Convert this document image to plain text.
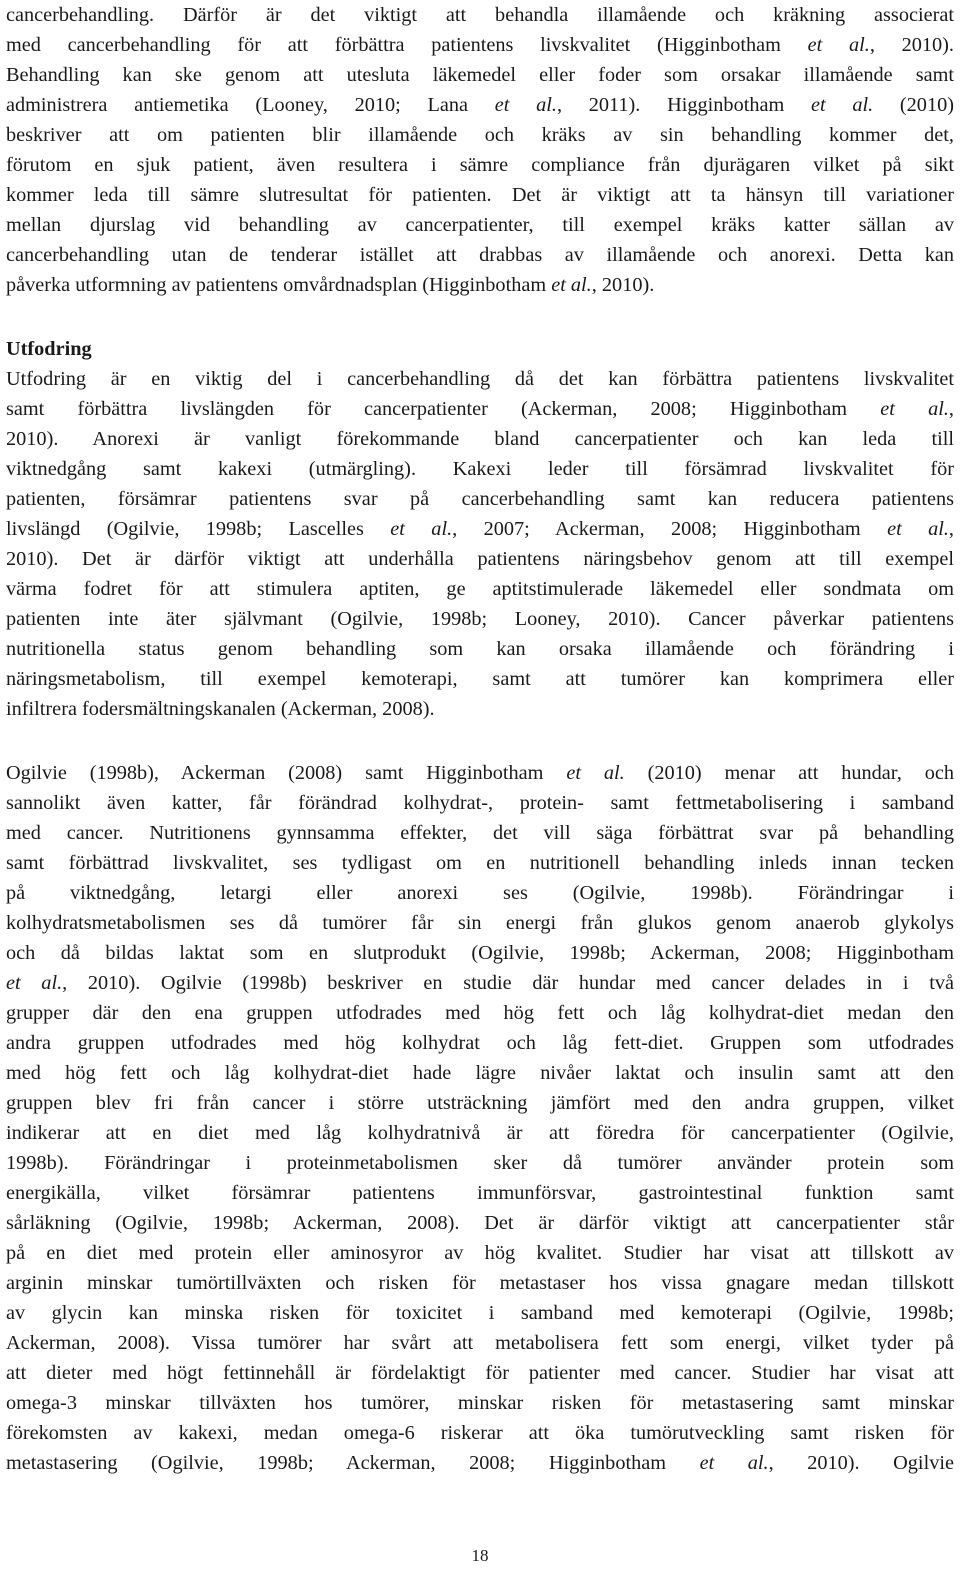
cancerbehandling. Därför är det viktigt att behandla illamående och kräkning associerat
med cancerbehandling för att förbättra patientens livskvalitet (Higginbotham et al., 2010).
Behandling kan ske genom att utesluta läkemedel eller foder som orsakar illamående samt
administrera antiemetika (Looney, 2010; Lana et al., 2011). Higginbotham et al. (2010)
beskriver att om patienten blir illamående och kräks av sin behandling kommer det,
förutom en sjuk patient, även resultera i sämre compliance från djurägaren vilket på sikt
kommer leda till sämre slutresultat för patienten. Det är viktigt att ta hänsyn till variationer
mellan djurslag vid behandling av cancerpatienter, till exempel kräks katter sällan av
cancerbehandling utan de tenderar istället att drabbas av illamående och anorexi. Detta kan
påverka utformning av patientens omvårdnadsplan (Higginbotham et al., 2010).
Utfodring
Utfodring är en viktig del i cancerbehandling då det kan förbättra patientens livskvalitet
samt förbättra livslängden för cancerpatienter (Ackerman, 2008; Higginbotham et al.,
2010). Anorexi är vanligt förekommande bland cancerpatienter och kan leda till
viktnedgång samt kakexi (utmärgling). Kakexi leder till försämrad livskvalitet för
patienten, försämrar patientens svar på cancerbehandling samt kan reducera patientens
livslängd (Ogilvie, 1998b; Lascelles et al., 2007; Ackerman, 2008; Higginbotham et al.,
2010). Det är därför viktigt att underhålla patientens näringsbehov genom att till exempel
värma fodret för att stimulera aptiten, ge aptitstimulerade läkemedel eller sondmata om
patienten inte äter självmant (Ogilvie, 1998b; Looney, 2010). Cancer påverkar patientens
nutritionella status genom behandling som kan orsaka illamående och förändring i
näringsmetabolism, till exempel kemoterapi, samt att tumörer kan komprimera eller
infiltrera fodersmältningskanalen (Ackerman, 2008).
Ogilvie (1998b), Ackerman (2008) samt Higginbotham et al. (2010) menar att hundar, och
sannolikt även katter, får förändrad kolhydrat-, protein- samt fettmetabolisering i samband
med cancer. Nutritionens gynnsamma effekter, det vill säga förbättrat svar på behandling
samt förbättrad livskvalitet, ses tydligast om en nutritionell behandling inleds innan tecken
på viktnedgång, letargi eller anorexi ses (Ogilvie, 1998b). Förändringar i
kolhydratsmetabolismen ses då tumörer får sin energi från glukos genom anaerob glykolys
och då bildas laktat som en slutprodukt (Ogilvie, 1998b; Ackerman, 2008; Higginbotham
et al., 2010). Ogilvie (1998b) beskriver en studie där hundar med cancer delades in i två
grupper där den ena gruppen utfodrades med hög fett och låg kolhydrat-diet medan den
andra gruppen utfodrades med hög kolhydrat och låg fett-diet. Gruppen som utfodrades
med hög fett och låg kolhydrat-diet hade lägre nivåer laktat och insulin samt att den
gruppen blev fri från cancer i större utsträckning jämfört med den andra gruppen, vilket
indikerar att en diet med låg kolhydratnivå är att föredra för cancerpatienter (Ogilvie,
1998b). Förändringar i proteinmetabolismen sker då tumörer använder protein som
energikälla, vilket försämrar patientens immunförsvar, gastrointestinal funktion samt
sårläkning (Ogilvie, 1998b; Ackerman, 2008). Det är därför viktigt att cancerpatienter står
på en diet med protein eller aminosyror av hög kvalitet. Studier har visat att tillskott av
arginin minskar tumörtillväxten och risken för metastaser hos vissa gnagare medan tillskott
av glycin kan minska risken för toxicitet i samband med kemoterapi (Ogilvie, 1998b;
Ackerman, 2008). Vissa tumörer har svårt att metabolisera fett som energi, vilket tyder på
att dieter med högt fettinnehåll är fördelaktigt för patienter med cancer. Studier har visat att
omega-3 minskar tillväxten hos tumörer, minskar risken för metastasering samt minskar
förekomsten av kakexi, medan omega-6 riskerar att öka tumörutveckling samt risken för
metastasering (Ogilvie, 1998b; Ackerman, 2008; Higginbotham et al., 2010). Ogilvie
18
